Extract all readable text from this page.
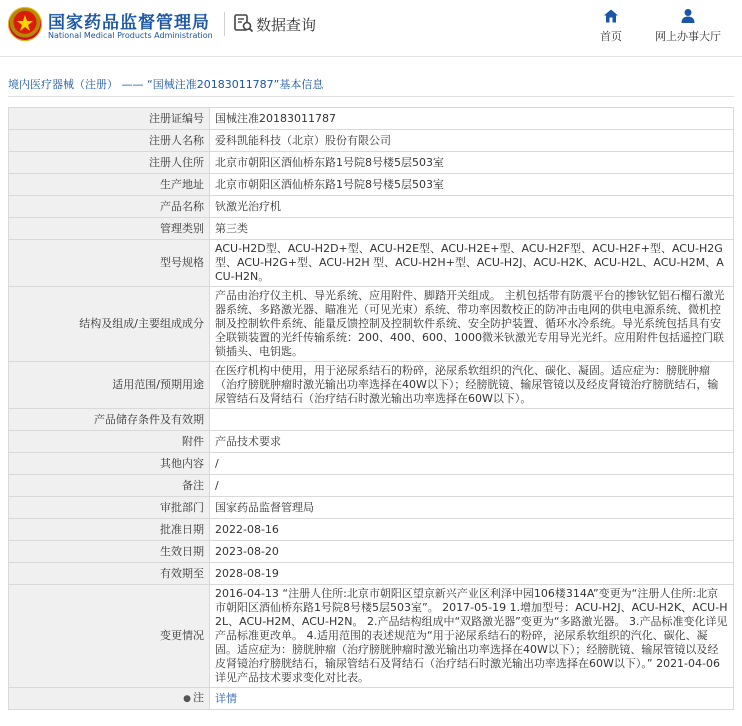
国家药品监督管理局
National Medical Products Administration
数据查询
首页	网上办事大厅
境内医疗器械（注册） —— “国械注准20183011787”基本信息
注册证编号	国械注准20183011787
注册人名称	爱科凯能科技（北京）股份有限公司
注册人住所	北京市朝阳区酒仙桥东路1号院8号楼5层503室
生产地址	北京市朝阳区酒仙桥东路1号院8号楼5层503室
产品名称	钬激光治疗机
管理类别	第三类
型号规格	ACU-H2D型、ACU-H2D+型、ACU-H2E型、ACU-H2E+型、ACU-H2F型、ACU-H2F+型、ACU-H2G型、ACU-H2G+型、ACU-H2H 型、ACU-H2H+型、ACU-H2J、ACU-H2K、ACU-H2L、ACU-H2M、ACU-H2N。
结构及组成/主要组成成分	产品由治疗仪主机、导光系统、应用附件、脚踏开关组成。 主机包括带有防震平台的掺钬钇铝石榴石激光器系统、多路激光器、瞄准光（可见光束）系统、带功率因数校正的防冲击电网的供电电源系统、微机控制及控制软件系统、能量反馈控制及控制软件系统、安全防护装置、循环水冷系统。导光系统包括具有安全联锁装置的光纤传输系统：200、400、600、1000微米钬激光专用导光光纤。应用附件包括遥控门联锁插头、电钥匙。
适用范围/预期用途	在医疗机构中使用，用于泌尿系结石的粉碎，泌尿系软组织的汽化、碳化、凝固。适应症为：膀胱肿瘤（治疗膀胱肿瘤时激光输出功率选择在40W以下）；经膀胱镜、输尿管镜以及经皮肾镜治疗膀胱结石，输尿管结石及肾结石（治疗结石时激光输出功率选择在60W以下）。
产品储存条件及有效期	
附件	产品技术要求
其他内容	/
备注	/
审批部门	国家药品监督管理局
批准日期	2022-08-16
生效日期	2023-08-20
有效期至	2028-08-19
变更情况	2016-04-13 “注册人住所:北京市朝阳区望京新兴产业区利泽中园106楼314A”变更为“注册人住所:北京市朝阳区酒仙桥东路1号院8号楼5层503室”。 2017-05-19 1.增加型号：ACU-H2J、ACU-H2K、ACU-H2L、ACU-H2M、ACU-H2N。 2.产品结构组成中“双路激光器”变更为“多路激光器。 3.产品标准变化详见产品标准更改单。 4.适用范围的表述规范为“用于泌尿系结石的粉碎，泌尿系软组织的汽化、碳化、凝固。适应症为：膀胱肿瘤（治疗膀胱肿瘤时激光输出功率选择在40W以下）；经膀胱镜、输尿管镜以及经皮肾镜治疗膀胱结石，输尿管结石及肾结石（治疗结石时激光输出功率选择在60W以下）。” 2021-04-06 详见产品技术要求变化对比表。
● 注	详情
